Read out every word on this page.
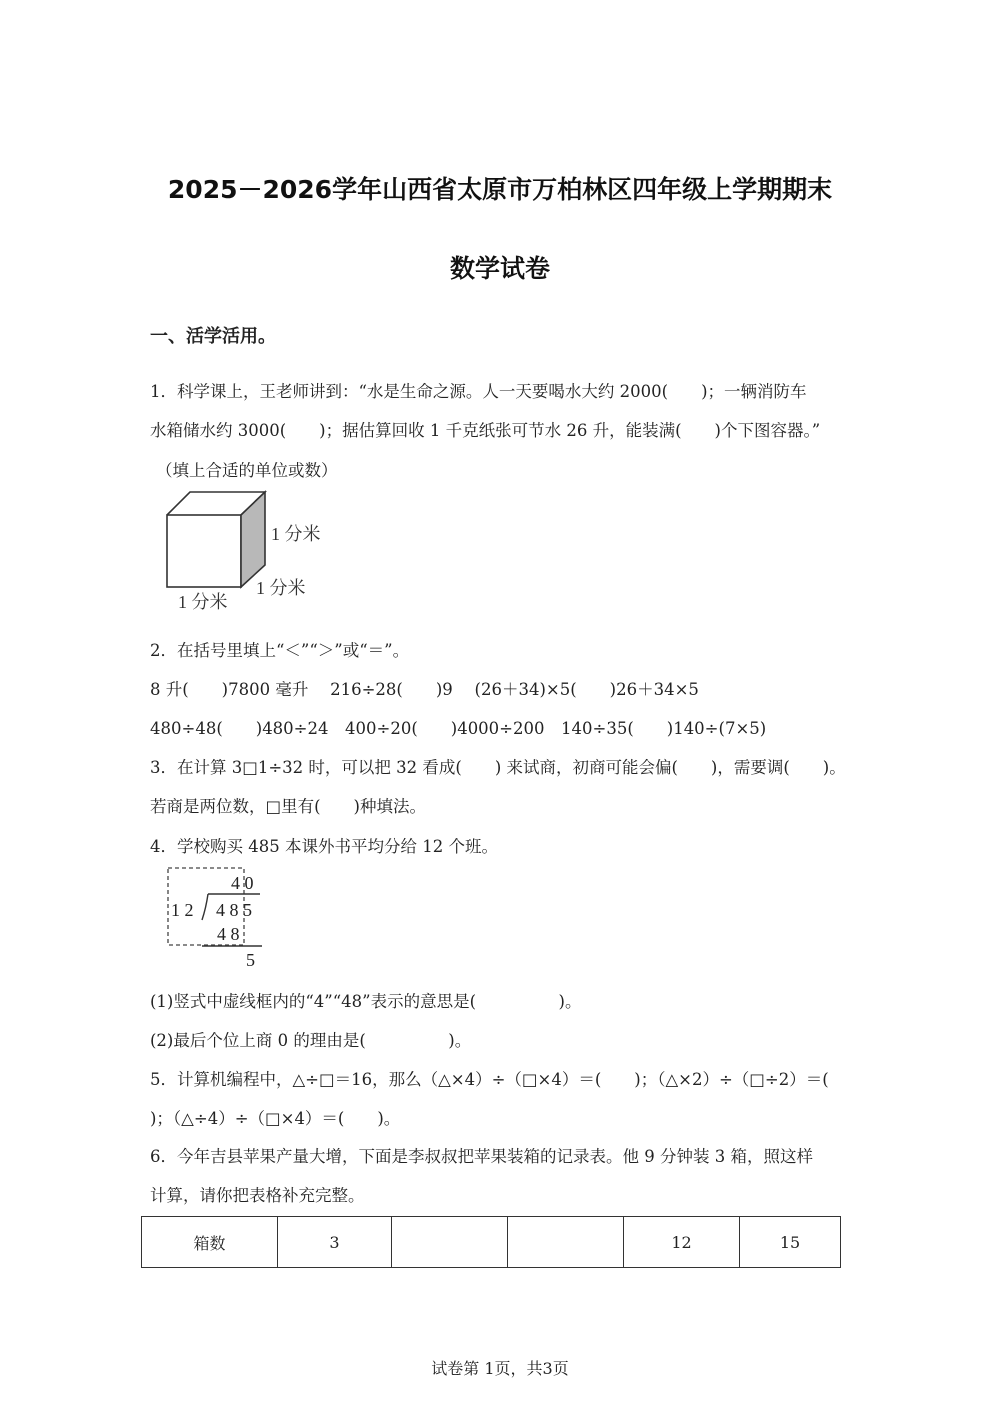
2025－2026学年山西省太原市万柏林区四年级上学期期末
数学试卷
一、活学活用。
1．科学课上，王老师讲到：“水是生命之源。人一天要喝水大约 2000(　　)；一辆消防车
水箱储水约 3000(　　)；据估算回收 1 千克纸张可节水 26 升，能装满(　　)个下图容器。”
（填上合适的单位或数）
1 分米
1 分米
1 分米
2．在括号里填上“＜”“＞”或“＝”。
8 升(　　)7800 毫升　 216÷28(　　)9　 (26＋34)×5(　　)26＋34×5
480÷48(　　)480÷24　400÷20(　　)4000÷200　140÷35(　　)140÷(7×5)
3．在计算 3□1÷32 时，可以把 32 看成(　　) 来试商，初商可能会偏(　　)，需要调(　　)。
若商是两位数，□里有(　　)种填法。
4．学校购买 485 本课外书平均分给 12 个班。
4 0
1 2 4 8 5
4 8
5
(1)竖式中虚线框内的“4”“48”表示的意思是(　　　　　)。
(2)最后个位上商 0 的理由是(　　　　　)。
5．计算机编程中，△÷□＝16，那么（△×4）÷（□×4）＝(　　)；（△×2）÷（□÷2）＝(
)；（△÷4）÷（□×4）＝(　　)。
6．今年吉县苹果产量大增，下面是李叔叔把苹果装箱的记录表。他 9 分钟装 3 箱，照这样
计算，请你把表格补充完整。
箱数	3			12	15
试卷第 1页，共3页
